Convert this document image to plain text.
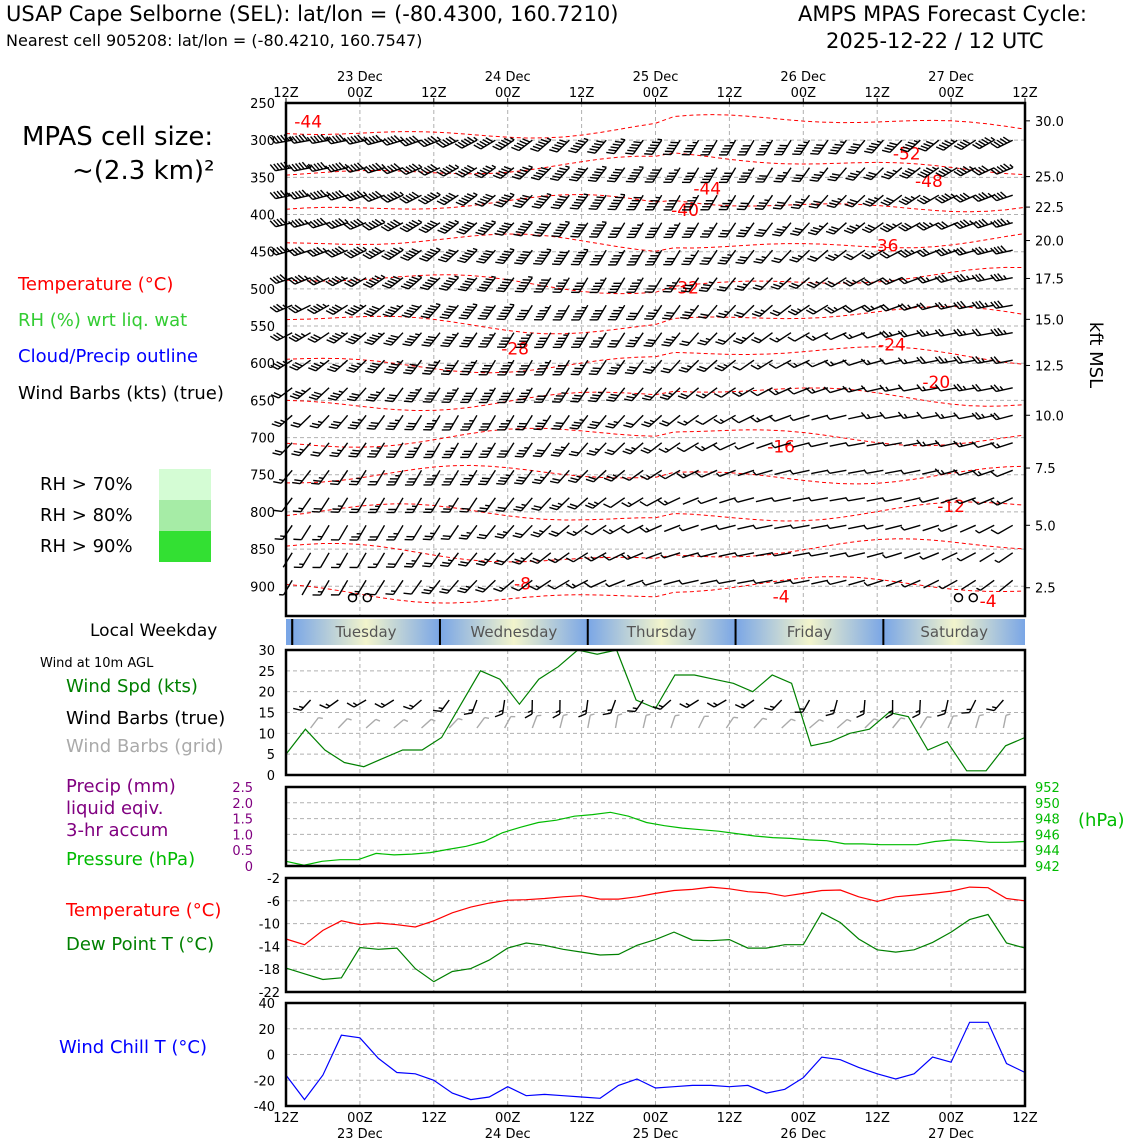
USAP Cape Selborne (SEL): lat/lon = (-80.4300, 160.7210)
Nearest cell 905208: lat/lon = (-80.4210, 160.7547)
AMPS MPAS Forecast Cycle:
2025-12-22 / 12 UTC
MPAS cell size:
~(2.3 km)²
Temperature (°C)
RH (%) wrt liq. wat
Cloud/Precip outline
Wind Barbs (kts) (true)
RH > 70%
RH > 80%
RH > 90%
Local Weekday
Wind at 10m AGL
Wind Spd (kts)
Wind Barbs (true)
Wind Barbs (grid)
Precip (mm)
liquid eqiv.
3-hr accum
Pressure (hPa)
Temperature (°C)
Dew Point T (°C)
Wind Chill T (°C)
(hPa)
-44
-52
-48
-44
-40
-36
-32
-28	-24
-20
-16
-12
-8
-4	-4
Tuesday	Wednesday	Thursday	Friday	Saturday
250
300
350
400
450
500
550
600
650
700
750
800
850
900
30.0
25.0
22.5
20.0
17.5
15.0
12.5
10.0
7.5
5.0
2.5
kft MSL
12Z	00Z	12Z	00Z	12Z	00Z	12Z	00Z	12Z	00Z	12Z
23 Dec
23 Dec
24 Dec
24 Dec
25 Dec
25 Dec
26 Dec
26 Dec
27 Dec
27 Dec
12Z	00Z	12Z	00Z	12Z	00Z	12Z	00Z	12Z	00Z	12Z
0
5
10
15
20
25
30
942
944
946
948
950
952
0
0.5
1.0
1.5
2.0
2.5
-22
-18
-14
-10
-6
-2
-40
-20
0
20
40
